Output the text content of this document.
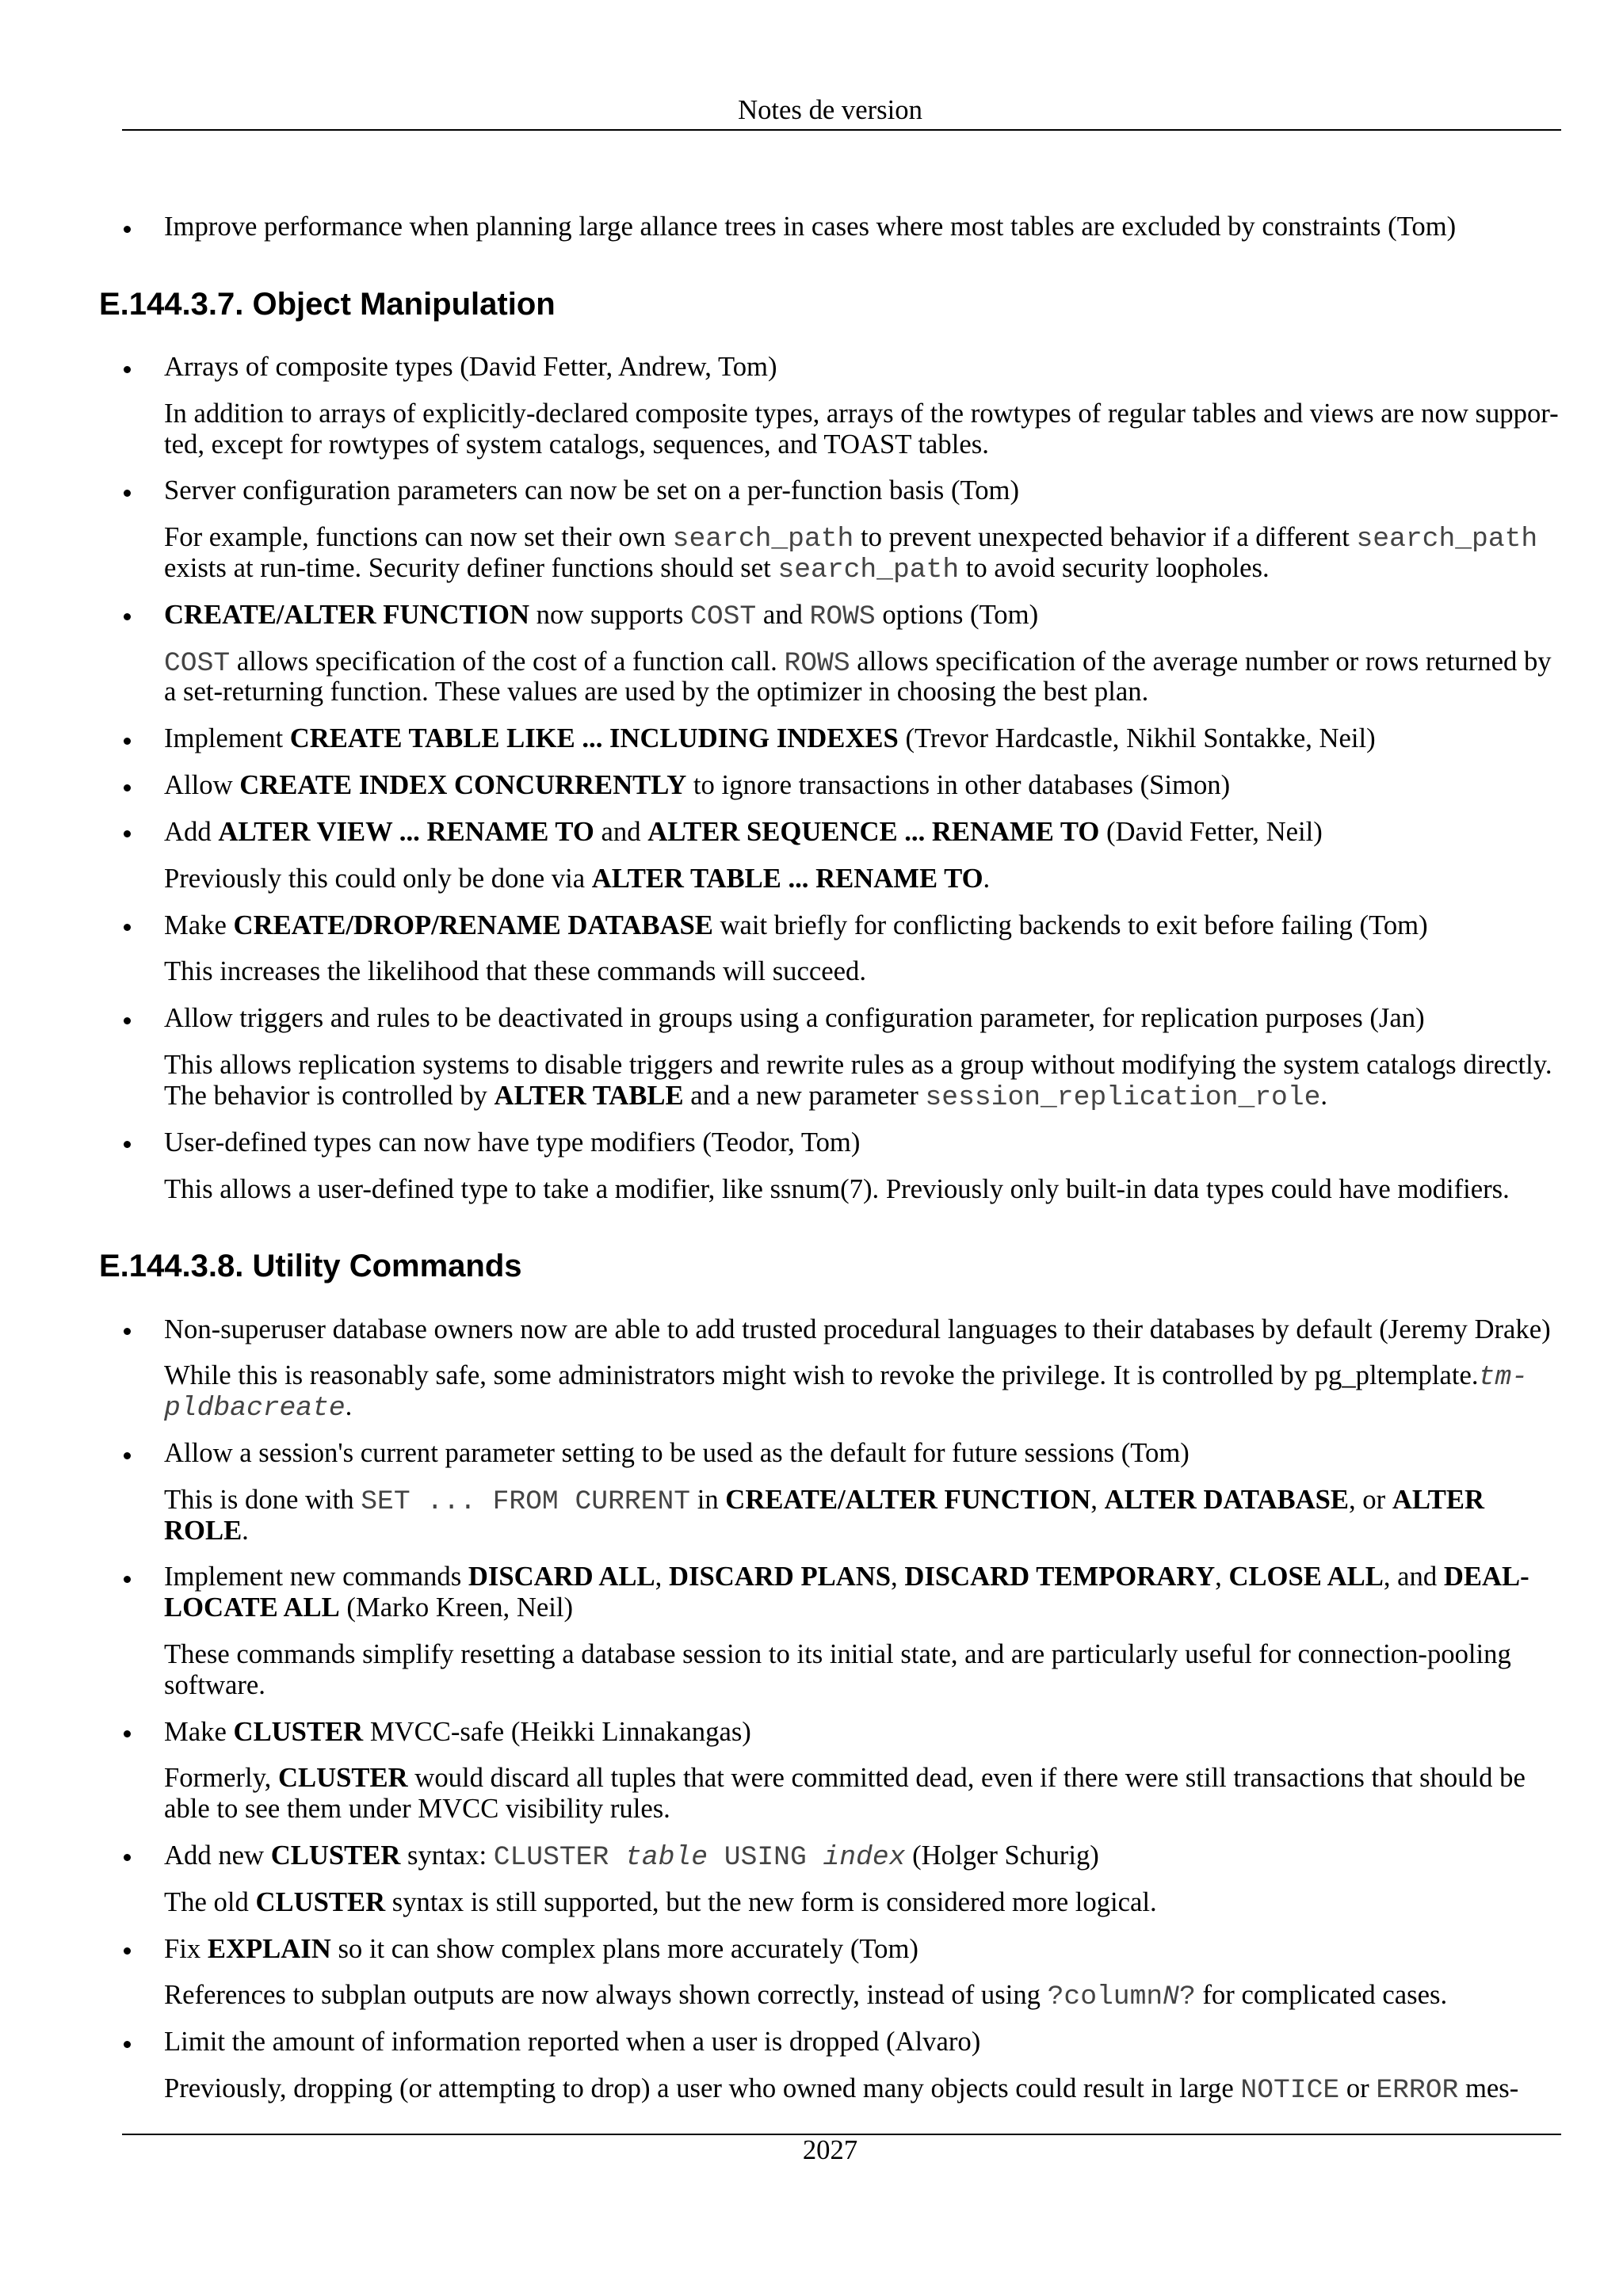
Notes de version
Improve performance when planning large allance trees in cases where most tables are excluded by constraints (Tom)
E.144.3.7. Object Manipulation
Arrays of composite types (David Fetter, Andrew, Tom)
In addition to arrays of explicitly-declared composite types, arrays of the rowtypes of regular tables and views are now suppor-
ted, except for rowtypes of system catalogs, sequences, and TOAST tables.
Server configuration parameters can now be set on a per-function basis (Tom)
For example, functions can now set their own search_path to prevent unexpected behavior if a different search_path
exists at run-time. Security definer functions should set search_path to avoid security loopholes.
CREATE/ALTER FUNCTION now supports COST and ROWS options (Tom)
COST allows specification of the cost of a function call. ROWS allows specification of the average number or rows returned by
a set-returning function. These values are used by the optimizer in choosing the best plan.
Implement CREATE TABLE LIKE ... INCLUDING INDEXES (Trevor Hardcastle, Nikhil Sontakke, Neil)
Allow CREATE INDEX CONCURRENTLY to ignore transactions in other databases (Simon)
Add ALTER VIEW ... RENAME TO and ALTER SEQUENCE ... RENAME TO (David Fetter, Neil)
Previously this could only be done via ALTER TABLE ... RENAME TO.
Make CREATE/DROP/RENAME DATABASE wait briefly for conflicting backends to exit before failing (Tom)
This increases the likelihood that these commands will succeed.
Allow triggers and rules to be deactivated in groups using a configuration parameter, for replication purposes (Jan)
This allows replication systems to disable triggers and rewrite rules as a group without modifying the system catalogs directly.
The behavior is controlled by ALTER TABLE and a new parameter session_replication_role.
User-defined types can now have type modifiers (Teodor, Tom)
This allows a user-defined type to take a modifier, like ssnum(7). Previously only built-in data types could have modifiers.
E.144.3.8. Utility Commands
Non-superuser database owners now are able to add trusted procedural languages to their databases by default (Jeremy Drake)
While this is reasonably safe, some administrators might wish to revoke the privilege. It is controlled by pg_pltemplate.tm-
pldbacreate.
Allow a session's current parameter setting to be used as the default for future sessions (Tom)
This is done with SET ... FROM CURRENT in CREATE/ALTER FUNCTION, ALTER DATABASE, or ALTER
ROLE.
Implement new commands DISCARD ALL, DISCARD PLANS, DISCARD TEMPORARY, CLOSE ALL, and DEAL-
LOCATE ALL (Marko Kreen, Neil)
These commands simplify resetting a database session to its initial state, and are particularly useful for connection-pooling
software.
Make CLUSTER MVCC-safe (Heikki Linnakangas)
Formerly, CLUSTER would discard all tuples that were committed dead, even if there were still transactions that should be
able to see them under MVCC visibility rules.
Add new CLUSTER syntax: CLUSTER table USING index (Holger Schurig)
The old CLUSTER syntax is still supported, but the new form is considered more logical.
Fix EXPLAIN so it can show complex plans more accurately (Tom)
References to subplan outputs are now always shown correctly, instead of using ?columnN? for complicated cases.
Limit the amount of information reported when a user is dropped (Alvaro)
Previously, dropping (or attempting to drop) a user who owned many objects could result in large NOTICE or ERROR mes-
2027
